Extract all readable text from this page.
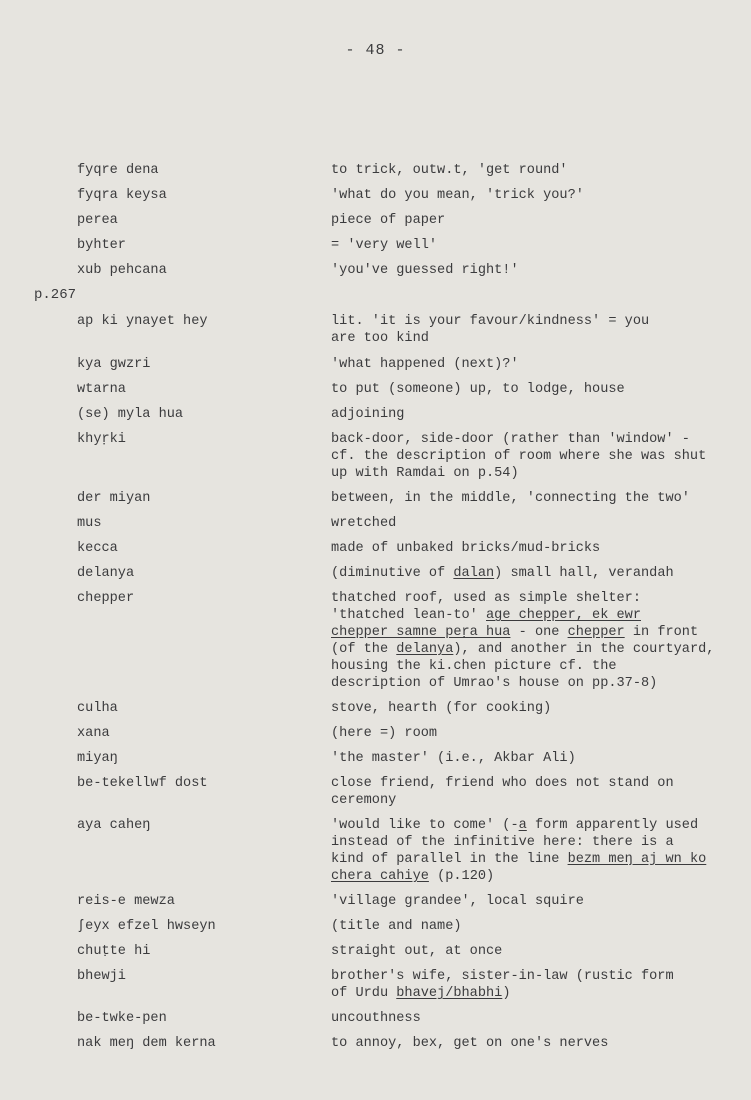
- 48 -
fyqre dena	to trick, outw.t, 'get round'
fyqra keysa	'what do you mean, 'trick you?'
perea	piece of paper
byhter	= 'very well'
xub pehcana	'you've guessed right!'
p.267
ap ki ynayet hey	lit. 'it is your favour/kindness' = you
are too kind
kya gwzri	'what happened (next)?'
wtarna	to put (someone) up, to lodge, house
(se) myla hua	adjoining
khyṛki	back-door, side-door (rather than 'window' -
cf. the description of room where she was shut
up with Ramdai on p.54)
der miyan	between, in the middle, 'connecting the two'
mus	wretched
kecca	made of unbaked bricks/mud-bricks
delanya	(diminutive of dalan) small hall, verandah
chepper	thatched roof, used as simple shelter:
'thatched lean-to' age chepper, ek ewr
chepper samne peṛa hua - one chepper in front
(of the delanya), and another in the courtyard,
housing the ki.chen picture cf. the
description of Umrao's house on pp.37-8)
culha	stove, hearth (for cooking)
xana	(here =) room
miyaŋ	'the master' (i.e., Akbar Ali)
be-tekellwf dost	close friend, friend who does not stand on
ceremony
aya caheŋ	'would like to come' (-a form apparently used
instead of the infinitive here: there is a
kind of parallel in the line bezm meŋ aj wn ko
chera cahiye (p.120)
reis-e mewza	'village grandee', local squire
ʃeyx efzel hwseyn	(title and name)
chuṭte hi	straight out, at once
bhewji	brother's wife, sister-in-law (rustic form
of Urdu bhavej/bhabhi)
be-twke-pen	uncouthness
nak meŋ dem kerna	to annoy, bex, get on one's nerves
